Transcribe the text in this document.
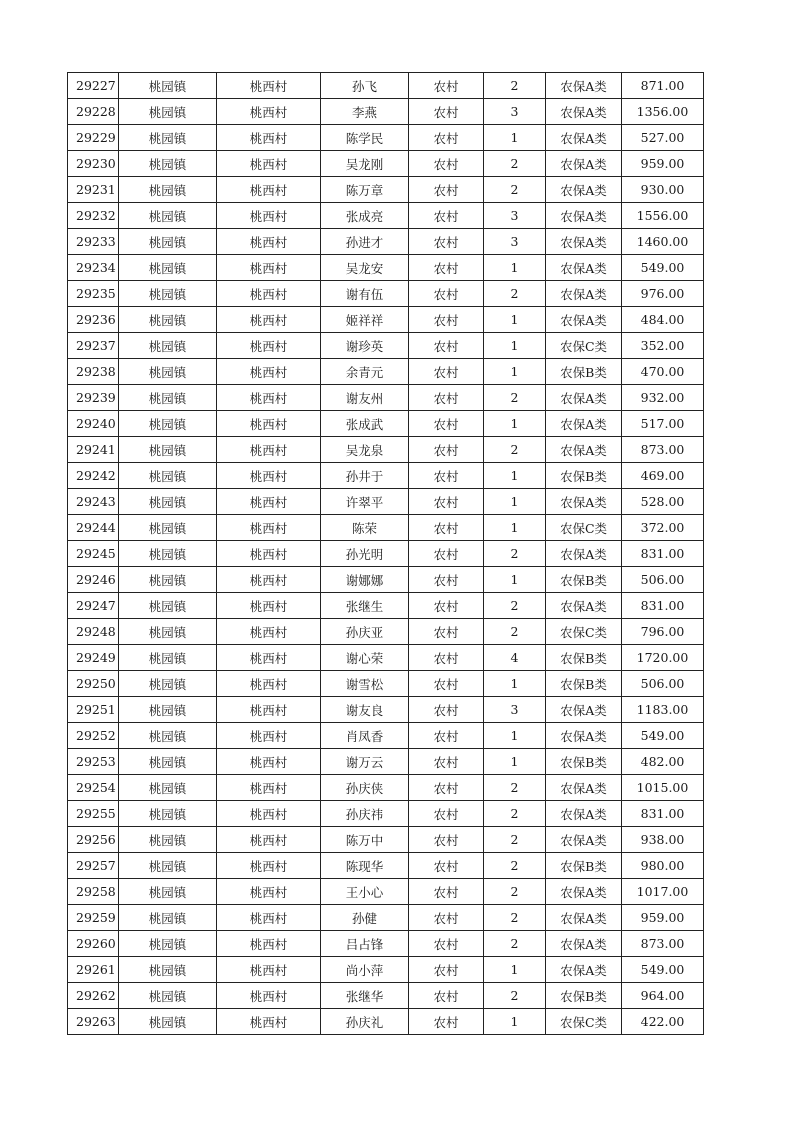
29227	桃园镇	桃西村	孙飞	农村	2	农保A类	871.00
29228	桃园镇	桃西村	李燕	农村	3	农保A类	1356.00
29229	桃园镇	桃西村	陈学民	农村	1	农保A类	527.00
29230	桃园镇	桃西村	吴龙刚	农村	2	农保A类	959.00
29231	桃园镇	桃西村	陈万章	农村	2	农保A类	930.00
29232	桃园镇	桃西村	张成亮	农村	3	农保A类	1556.00
29233	桃园镇	桃西村	孙进才	农村	3	农保A类	1460.00
29234	桃园镇	桃西村	吴龙安	农村	1	农保A类	549.00
29235	桃园镇	桃西村	谢有伍	农村	2	农保A类	976.00
29236	桃园镇	桃西村	姬祥祥	农村	1	农保A类	484.00
29237	桃园镇	桃西村	谢珍英	农村	1	农保C类	352.00
29238	桃园镇	桃西村	余青元	农村	1	农保B类	470.00
29239	桃园镇	桃西村	谢友州	农村	2	农保A类	932.00
29240	桃园镇	桃西村	张成武	农村	1	农保A类	517.00
29241	桃园镇	桃西村	吴龙泉	农村	2	农保A类	873.00
29242	桃园镇	桃西村	孙井于	农村	1	农保B类	469.00
29243	桃园镇	桃西村	许翠平	农村	1	农保A类	528.00
29244	桃园镇	桃西村	陈荣	农村	1	农保C类	372.00
29245	桃园镇	桃西村	孙光明	农村	2	农保A类	831.00
29246	桃园镇	桃西村	谢娜娜	农村	1	农保B类	506.00
29247	桃园镇	桃西村	张继生	农村	2	农保A类	831.00
29248	桃园镇	桃西村	孙庆亚	农村	2	农保C类	796.00
29249	桃园镇	桃西村	谢心荣	农村	4	农保B类	1720.00
29250	桃园镇	桃西村	谢雪松	农村	1	农保B类	506.00
29251	桃园镇	桃西村	谢友良	农村	3	农保A类	1183.00
29252	桃园镇	桃西村	肖凤香	农村	1	农保A类	549.00
29253	桃园镇	桃西村	谢万云	农村	1	农保B类	482.00
29254	桃园镇	桃西村	孙庆侠	农村	2	农保A类	1015.00
29255	桃园镇	桃西村	孙庆祎	农村	2	农保A类	831.00
29256	桃园镇	桃西村	陈万中	农村	2	农保A类	938.00
29257	桃园镇	桃西村	陈现华	农村	2	农保B类	980.00
29258	桃园镇	桃西村	王小心	农村	2	农保A类	1017.00
29259	桃园镇	桃西村	孙健	农村	2	农保A类	959.00
29260	桃园镇	桃西村	吕占锋	农村	2	农保A类	873.00
29261	桃园镇	桃西村	尚小萍	农村	1	农保A类	549.00
29262	桃园镇	桃西村	张继华	农村	2	农保B类	964.00
29263	桃园镇	桃西村	孙庆礼	农村	1	农保C类	422.00
